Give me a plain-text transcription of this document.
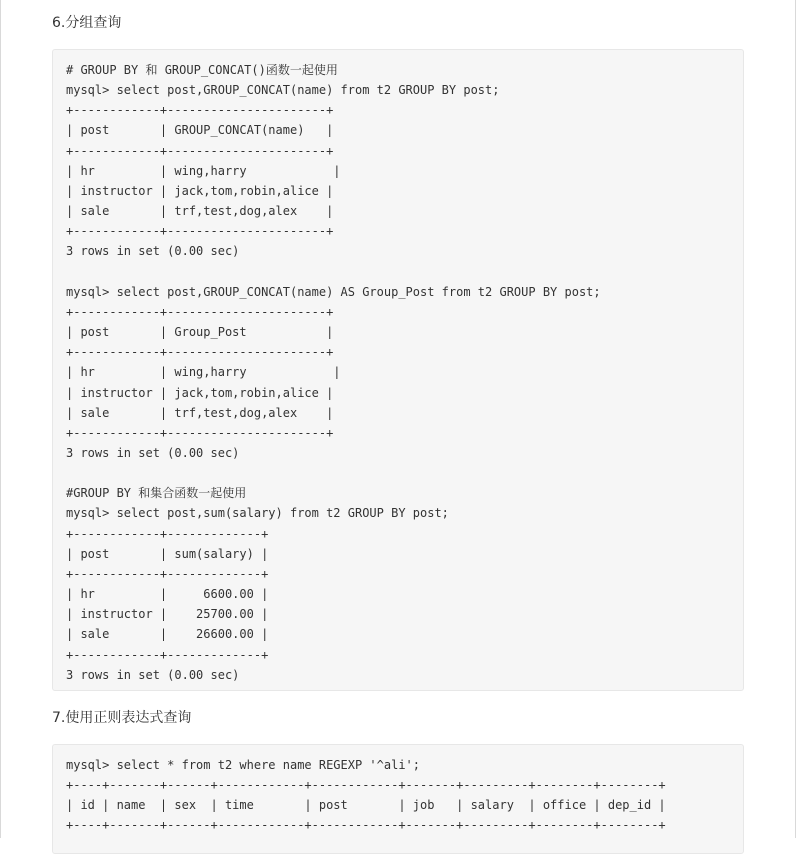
6.分组查询
# GROUP BY 和 GROUP_CONCAT()函数一起使用
mysql> select post,GROUP_CONCAT(name) from t2 GROUP BY post;
+------------+----------------------+
| post       | GROUP_CONCAT(name)   |
+------------+----------------------+
| hr         | wing,harry            |
| instructor | jack,tom,robin,alice |
| sale       | trf,test,dog,alex    |
+------------+----------------------+
3 rows in set (0.00 sec)
mysql> select post,GROUP_CONCAT(name) AS Group_Post from t2 GROUP BY post;
+------------+----------------------+
| post       | Group_Post           |
+------------+----------------------+
| hr         | wing,harry            |
| instructor | jack,tom,robin,alice |
| sale       | trf,test,dog,alex    |
+------------+----------------------+
3 rows in set (0.00 sec)
#GROUP BY 和集合函数一起使用
mysql> select post,sum(salary) from t2 GROUP BY post;
+------------+-------------+
| post       | sum(salary) |
+------------+-------------+
| hr         |     6600.00 |
| instructor |    25700.00 |
| sale       |    26600.00 |
+------------+-------------+
3 rows in set (0.00 sec)
7.使用正则表达式查询
mysql> select * from t2 where name REGEXP '^ali';
+----+-------+------+------------+------------+-------+---------+--------+--------+
| id | name  | sex  | time       | post       | job   | salary  | office | dep_id |
+----+-------+------+------------+------------+-------+---------+--------+--------+
